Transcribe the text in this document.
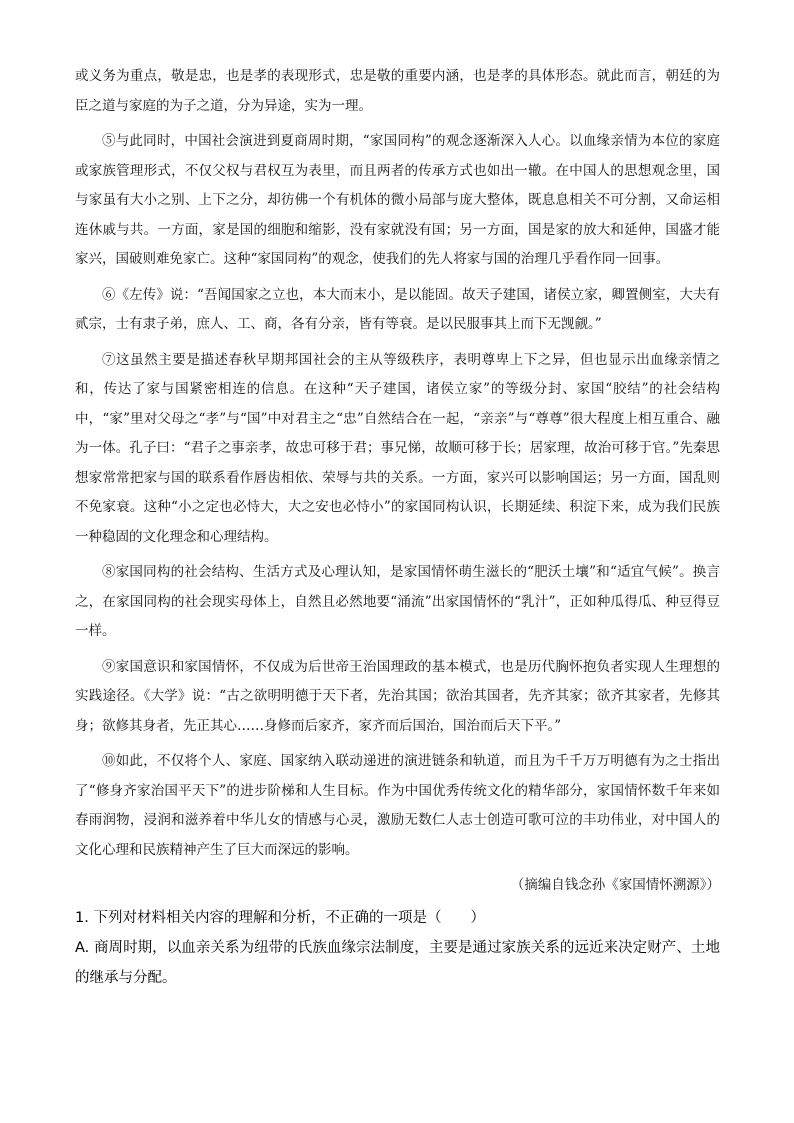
或义务为重点，敬是忠，也是孝的表现形式，忠是敬的重要内涵，也是孝的具体形态。就此而言，朝廷的为臣之道与家庭的为子之道，分为异途，实为一理。

⑤与此同时，中国社会演进到夏商周时期，“家国同构”的观念逐渐深入人心。以血缘亲情为本位的家庭或家族管理形式，不仅父权与君权互为表里，而且两者的传承方式也如出一辙。在中国人的思想观念里，国与家虽有大小之别、上下之分，却彷佛一个有机体的微小局部与庞大整体，既息息相关不可分割，又命运相连休戚与共。一方面，家是国的细胞和缩影，没有家就没有国；另一方面，国是家的放大和延伸，国盛才能家兴，国破则难免家亡。这种“家国同构”的观念，使我们的先人将家与国的治理几乎看作同一回事。

⑥《左传》说：“吾闻国家之立也，本大而末小，是以能固。故天子建国，诸侯立家，卿置侧室，大夫有贰宗，士有隶子弟，庶人、工、商，各有分亲，皆有等衰。是以民服事其上而下无觊觎。”

⑦这虽然主要是描述春秋早期邦国社会的主从等级秩序，表明尊卑上下之异，但也显示出血缘亲情之和，传达了家与国紧密相连的信息。在这种“天子建国，诸侯立家”的等级分封、家国“胶结”的社会结构中，“家”里对父母之“孝”与“国”中对君主之“忠”自然结合在一起，“亲亲”与“尊尊”很大程度上相互重合、融为一体。孔子曰：“君子之事亲孝，故忠可移于君；事兄悌，故顺可移于长；居家理，故治可移于官。”先秦思想家常常把家与国的联系看作唇齿相依、荣辱与共的关系。一方面，家兴可以影响国运；另一方面，国乱则不免家衰。这种“小之定也必恃大，大之安也必恃小”的家国同构认识，长期延续、积淀下来，成为我们民族一种稳固的文化理念和心理结构。

⑧家国同构的社会结构、生活方式及心理认知，是家国情怀萌生滋长的“肥沃土壤”和“适宜气候”。换言之，在家国同构的社会现实母体上，自然且必然地要“涌流”出家国情怀的“乳汁”，正如种瓜得瓜、种豆得豆一样。

⑨家国意识和家国情怀，不仅成为后世帝王治国理政的基本模式，也是历代胸怀抱负者实现人生理想的实践途径。《大学》说：“古之欲明明德于天下者，先治其国；欲治其国者，先齐其家；欲齐其家者，先修其身；欲修其身者，先正其心……身修而后家齐，家齐而后国治，国治而后天下平。”

⑩如此，不仅将个人、家庭、国家纳入联动递进的演进链条和轨道，而且为千千万万明德有为之士指出了“修身齐家治国平天下”的进步阶梯和人生目标。作为中国优秀传统文化的精华部分，家国情怀数千年来如春雨润物，浸润和滋养着中华儿女的情感与心灵，激励无数仁人志士创造可歌可泣的丰功伟业，对中国人的文化心理和民族精神产生了巨大而深远的影响。

（摘编自钱念孙《家国情怀溯源》）

1. 下列对材料相关内容的理解和分析，不正确的一项是（　　）

A. 商周时期，以血亲关系为纽带的氏族血缘宗法制度，主要是通过家族关系的远近来决定财产、土地的继承与分配。
